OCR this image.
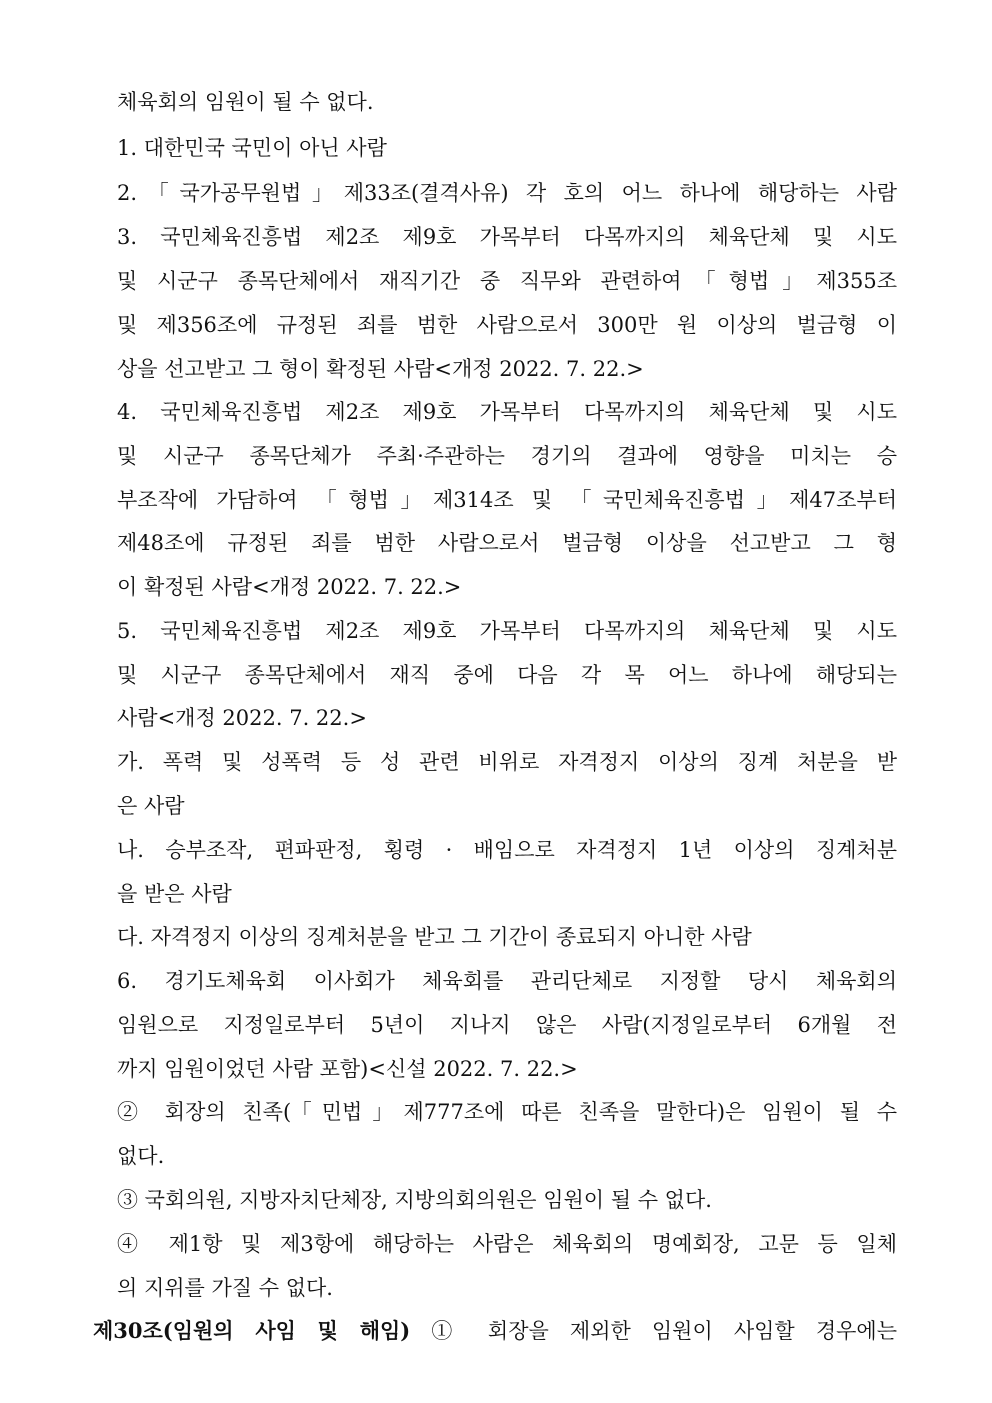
체육회의 임원이 될 수 없다.
1. 대한민국 국민이 아닌 사람
2.「국가공무원법」제33조(결격사유) 각 호의 어느 하나에 해당하는 사람
3. 국민체육진흥법 제2조 제9호 가목부터 다목까지의 체육단체 및 시도
및 시군구 종목단체에서 재직기간 중 직무와 관련하여「형법」제355조
및 제356조에 규정된 죄를 범한 사람으로서 300만 원 이상의 벌금형 이
상을 선고받고 그 형이 확정된 사람<개정 2022. 7. 22.>
4. 국민체육진흥법 제2조 제9호 가목부터 다목까지의 체육단체 및 시도
및 시군구 종목단체가 주최·주관하는 경기의 결과에 영향을 미치는 승
부조작에 가담하여 「형법」제314조 및 「국민체육진흥법」제47조부터
제48조에 규정된 죄를 범한 사람으로서 벌금형 이상을 선고받고 그 형
이 확정된 사람<개정 2022. 7. 22.>
5. 국민체육진흥법 제2조 제9호 가목부터 다목까지의 체육단체 및 시도
및 시군구 종목단체에서 재직 중에 다음 각 목 어느 하나에 해당되는
사람<개정 2022. 7. 22.>
가. 폭력 및 성폭력 등 성 관련 비위로 자격정지 이상의 징계 처분을 받
은 사람
나. 승부조작, 편파판정, 횡령 · 배임으로 자격정지 1년 이상의 징계처분
을 받은 사람
다. 자격정지 이상의 징계처분을 받고 그 기간이 종료되지 아니한 사람
6. 경기도체육회 이사회가 체육회를 관리단체로 지정할 당시 체육회의
임원으로 지정일로부터 5년이 지나지 않은 사람(지정일로부터 6개월 전
까지 임원이었던 사람 포함)<신설 2022. 7. 22.>
② 회장의 친족(「민법」제777조에 따른 친족을 말한다)은 임원이 될 수
없다.
③ 국회의원, 지방자치단체장, 지방의회의원은 임원이 될 수 없다.
④ 제1항 및 제3항에 해당하는 사람은 체육회의 명예회장, 고문 등 일체
의 지위를 가질 수 없다.
제30조(임원의 사임 및 해임) ① 회장을 제외한 임원이 사임할 경우에는
